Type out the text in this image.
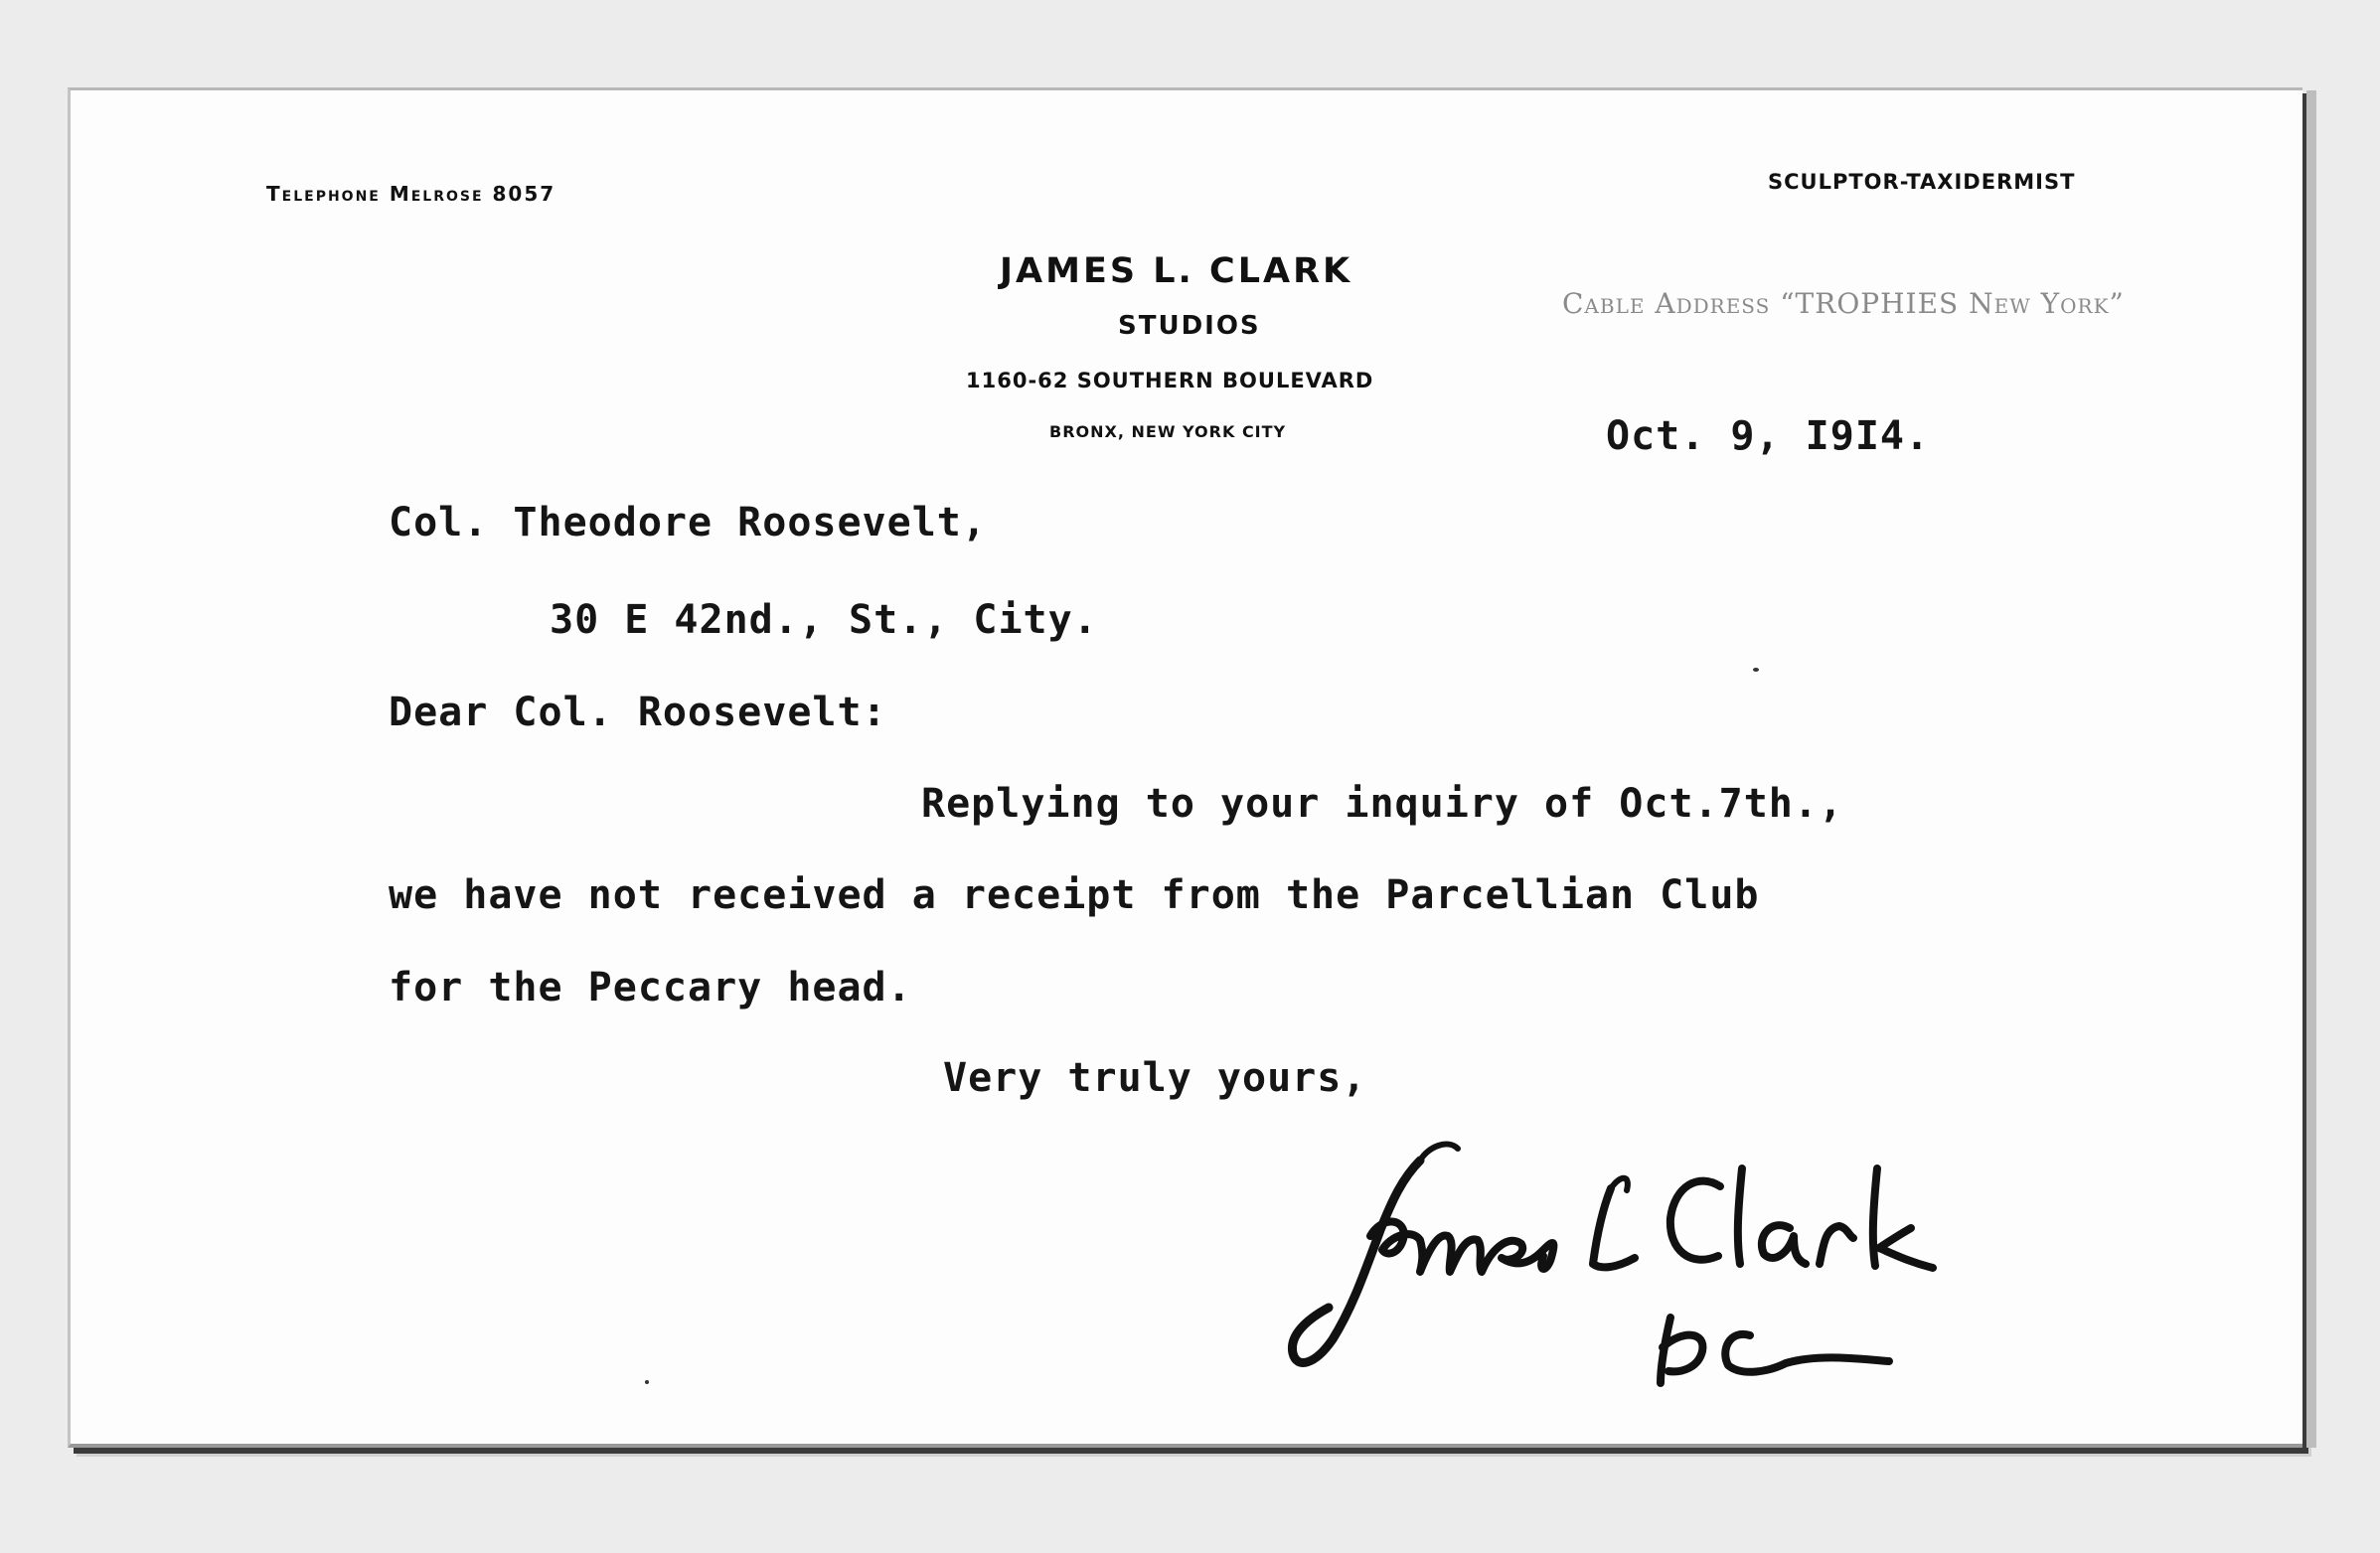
Telephone Melrose 8057	SCULPTOR-TAXIDERMIST
JAMES L. CLARK
STUDIOS
1160-62 SOUTHERN BOULEVARD
BRONX, NEW YORK CITY
Cable Address “TROPHIES New York”
Oct. 9, I9I4.
Col. Theodore Roosevelt,
30 E 42nd., St., City.
Dear Col. Roosevelt:
Replying to your inquiry of Oct.7th.,
we have not received a receipt from the Parcellian Club
for the Peccary head.
Very truly yours,
